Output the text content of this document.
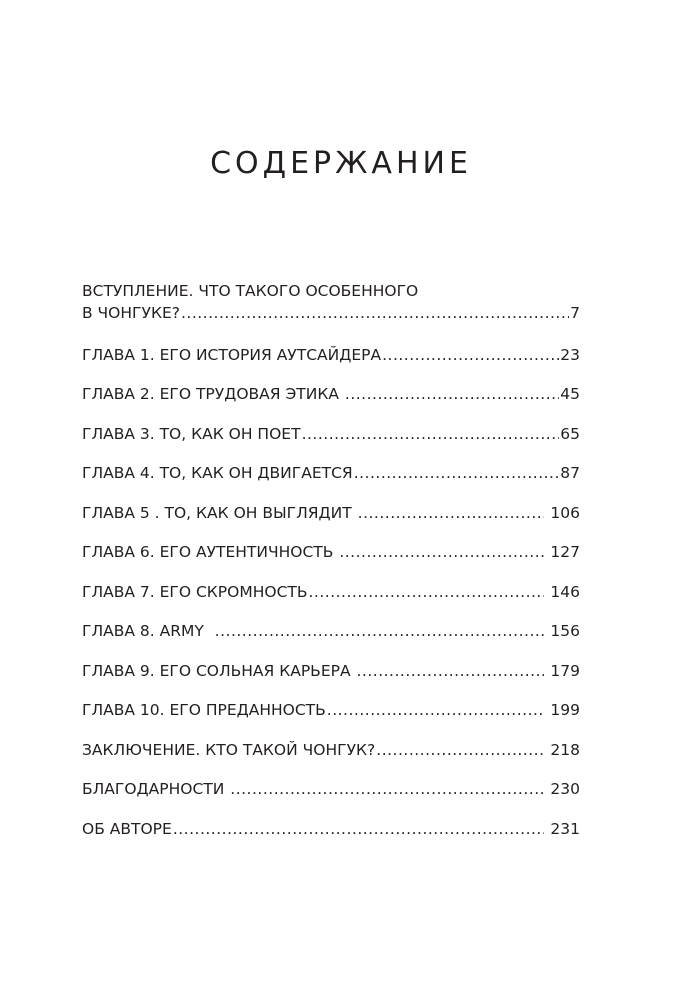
СОДЕРЖАНИЕ
ВСТУПЛЕНИЕ. ЧТО ТАКОГО ОСОБЕННОГО
В ЧОНГУКЕ? .....	7
ГЛАВА 1. ЕГО ИСТОРИЯ АУТСАЙДЕРА .....	23
ГЛАВА 2. ЕГО ТРУДОВАЯ ЭТИКА .....	45
ГЛАВА 3. ТО, КАК ОН ПОЕТ .....	65
ГЛАВА 4. ТО, КАК ОН ДВИГАЕТСЯ .....	87
ГЛАВА 5 . ТО, КАК ОН ВЫГЛЯДИТ .....	106
ГЛАВА 6. ЕГО АУТЕНТИЧНОСТЬ .....	127
ГЛАВА 7. ЕГО СКРОМНОСТЬ .....	146
ГЛАВА 8. ARMY .....	156
ГЛАВА 9. ЕГО СОЛЬНАЯ КАРЬЕРА .....	179
ГЛАВА 10. ЕГО ПРЕДАННОСТЬ .....	199
ЗАКЛЮЧЕНИЕ. КТО ТАКОЙ ЧОНГУК? .....	218
БЛАГОДАРНОСТИ .....	230
ОБ АВТОРЕ .....	231
